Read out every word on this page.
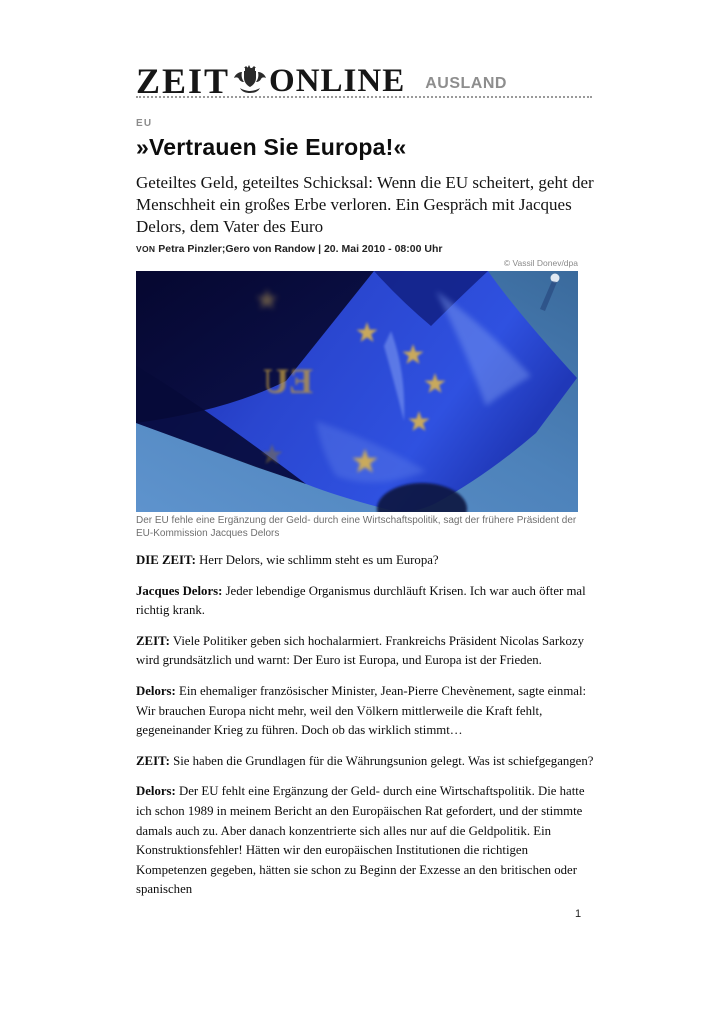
ZEIT ONLINE AUSLAND
EU
»Vertrauen Sie Europa!«
Geteiltes Geld, geteiltes Schicksal: Wenn die EU scheitert, geht der Menschheit ein großes Erbe verloren. Ein Gespräch mit Jacques Delors, dem Vater des Euro
VON Petra Pinzler;Gero von Randow | 20. Mai 2010 - 08:00 Uhr
© Vassil Donev/dpa
EU
Der EU fehle eine Ergänzung der Geld- durch eine Wirtschaftspolitik, sagt der frühere Präsident der EU-Kommission Jacques Delors

DIE ZEIT: Herr Delors, wie schlimm steht es um Europa?

Jacques Delors: Jeder lebendige Organismus durchläuft Krisen. Ich war auch öfter mal richtig krank.

ZEIT: Viele Politiker geben sich hochalarmiert. Frankreichs Präsident Nicolas Sarkozy wird grundsätzlich und warnt: Der Euro ist Europa, und Europa ist der Frieden.

Delors: Ein ehemaliger französischer Minister, Jean-Pierre Chevènement, sagte einmal: Wir brauchen Europa nicht mehr, weil den Völkern mittlerweile die Kraft fehlt, gegeneinander Krieg zu führen. Doch ob das wirklich stimmt…

ZEIT: Sie haben die Grundlagen für die Währungsunion gelegt. Was ist schiefgegangen?

Delors: Der EU fehlt eine Ergänzung der Geld- durch eine Wirtschaftspolitik. Die hatte ich schon 1989 in meinem Bericht an den Europäischen Rat gefordert, und der stimmte damals auch zu. Aber danach konzentrierte sich alles nur auf die Geldpolitik. Ein Konstruktionsfehler! Hätten wir den europäischen Institutionen die richtigen Kompetenzen gegeben, hätten sie schon zu Beginn der Exzesse an den britischen oder spanischen

1
